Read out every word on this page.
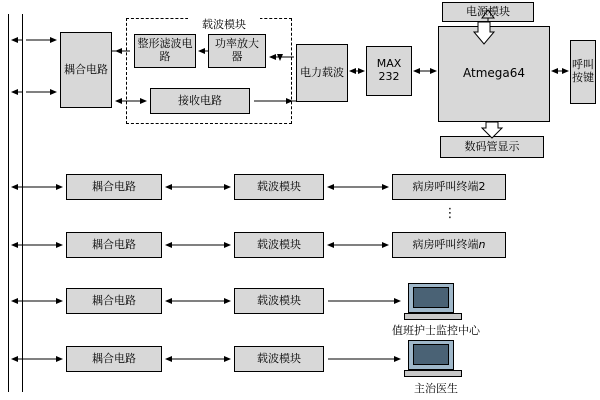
耦合电路
载波模块
整形滤波电路
功率放大器
接收电路
电力载波
MAX 232	Atmega64
呼叫按键
电源模块
数码管显示
耦合电路	载波模块	病房呼叫终端2
⋮
耦合电路	载波模块	病房呼叫终端 n
耦合电路	载波模块
值班护士监控中心
耦合电路	载波模块
主治医生
